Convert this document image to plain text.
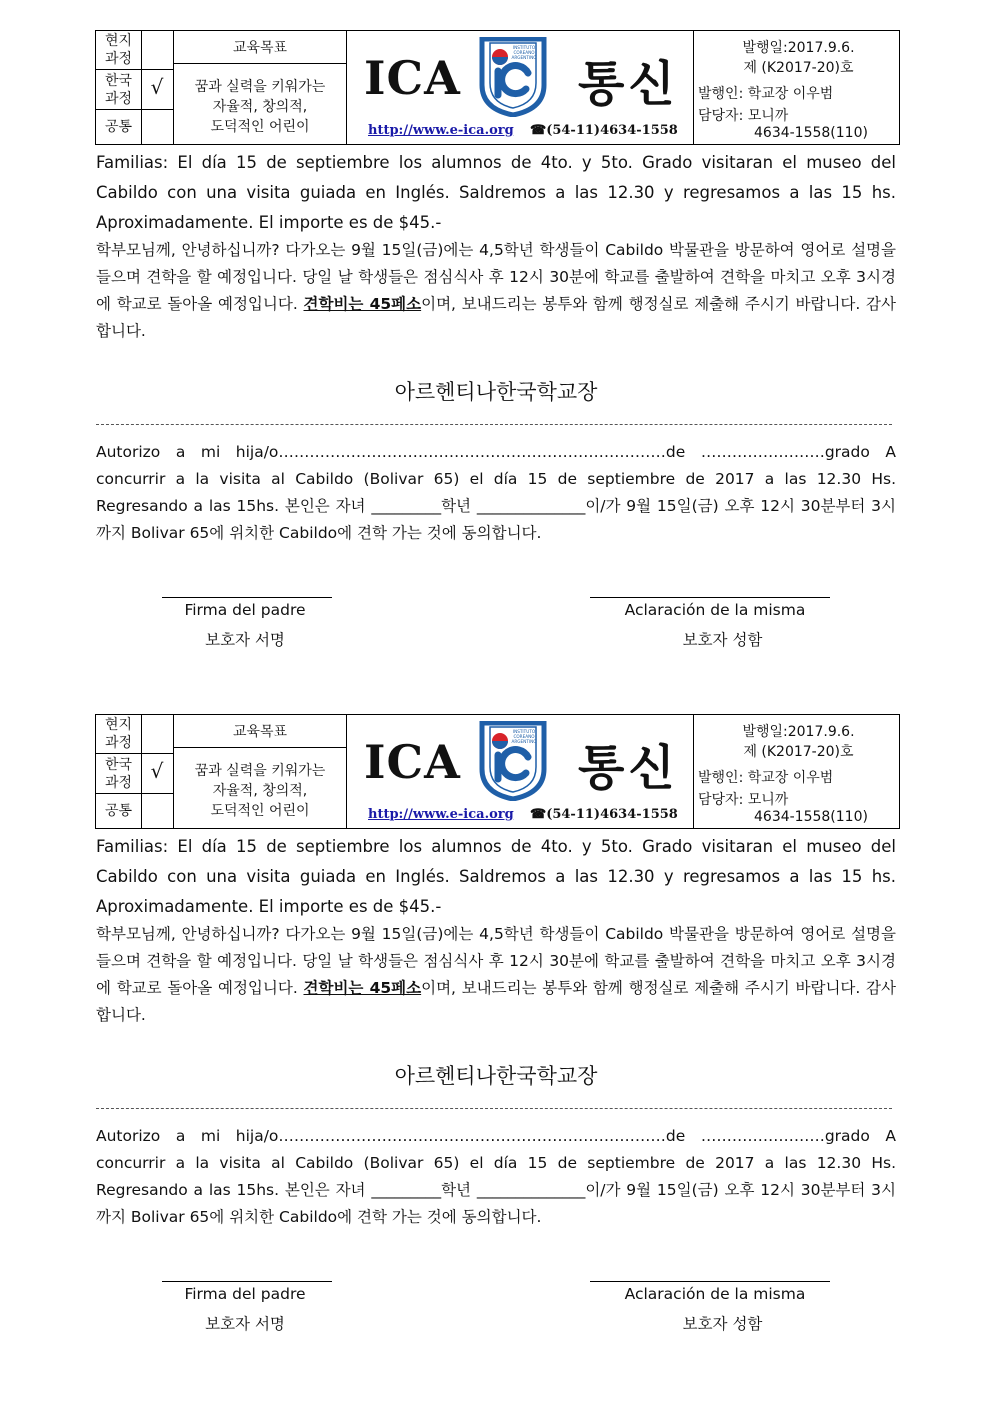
현지
과정
한국
과정
공통
√
교육목표
꿈과 실력을 키워가는
자율적, 창의적,
도덕적인 어린이
ICA
INSTITUTO
COREANO
ARGENTINO 통신
http://www.e-ica.org ☎(54-11)4634-1558
발행일:2017.9.6.
제 (K2017-20)호
발행인: 학교장 이우범
담당자: 모니까
4634-1558(110)
Familias: El día 15 de septiembre los alumnos de 4to. y 5to. Grado visitaran el museo del Cabildo con una visita guiada en Inglés. Saldremos a las 12.30 y regresamos a las 15 hs. Aproximadamente. El importe es de $45.-
학부모님께, 안녕하십니까? 다가오는 9월 15일(금)에는 4,5학년 학생들이 Cabildo 박물관을 방문하여 영어로 설명을 들으며 견학을 할 예정입니다. 당일 날 학생들은 점심식사 후 12시 30분에 학교를 출발하여 견학을 마치고 오후 3시경에 학교로 돌아올 예정입니다. 견학비는 45페소이며, 보내드리는 봉투와 함께 행정실로 제출해 주시기 바랍니다. 감사합니다.
아르헨티나한국학교장
Autorizo a mi hija/o…………………………………………………………………de ……………………grado A concurrir a la visita al Cabildo (Bolivar 65) el día 15 de septiembre de 2017 a las 12.30 Hs. Regresando a las 15hs. 본인은 자녀 _________학년 ______________이/가 9월 15일(금) 오후 12시 30분부터 3시까지 Bolivar 65에 위치한 Cabildo에 견학 가는 것에 동의합니다.
Firma del padre
보호자 서명
Aclaración de la misma
보호자 성함
현지
과정
한국
과정
공통
√
교육목표
꿈과 실력을 키워가는
자율적, 창의적,
도덕적인 어린이
ICA
INSTITUTO
COREANO
ARGENTINO 통신
http://www.e-ica.org ☎(54-11)4634-1558
발행일:2017.9.6.
제 (K2017-20)호
발행인: 학교장 이우범
담당자: 모니까
4634-1558(110)
Familias: El día 15 de septiembre los alumnos de 4to. y 5to. Grado visitaran el museo del Cabildo con una visita guiada en Inglés. Saldremos a las 12.30 y regresamos a las 15 hs. Aproximadamente. El importe es de $45.-
학부모님께, 안녕하십니까? 다가오는 9월 15일(금)에는 4,5학년 학생들이 Cabildo 박물관을 방문하여 영어로 설명을 들으며 견학을 할 예정입니다. 당일 날 학생들은 점심식사 후 12시 30분에 학교를 출발하여 견학을 마치고 오후 3시경에 학교로 돌아올 예정입니다. 견학비는 45페소이며, 보내드리는 봉투와 함께 행정실로 제출해 주시기 바랍니다. 감사합니다.
아르헨티나한국학교장
Autorizo a mi hija/o…………………………………………………………………de ……………………grado A concurrir a la visita al Cabildo (Bolivar 65) el día 15 de septiembre de 2017 a las 12.30 Hs. Regresando a las 15hs. 본인은 자녀 _________학년 ______________이/가 9월 15일(금) 오후 12시 30분부터 3시까지 Bolivar 65에 위치한 Cabildo에 견학 가는 것에 동의합니다.
Firma del padre
보호자 서명
Aclaración de la misma
보호자 성함
